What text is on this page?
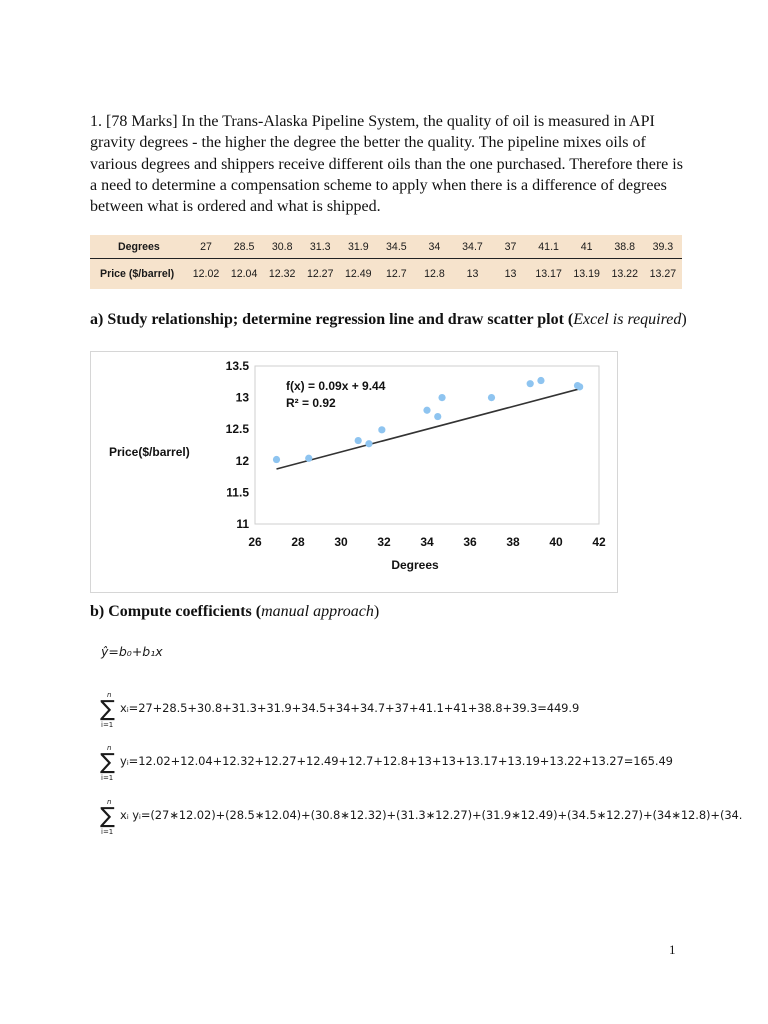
1. [78 Marks] In the Trans-Alaska Pipeline System, the quality of oil is measured in API gravity degrees - the higher the degree the better the quality. The pipeline mixes oils of various degrees and shippers receive different oils than the one purchased. Therefore there is a need to determine a compensation scheme to apply when there is a difference of degrees between what is ordered and what is shipped.

Degrees	27	28.5	30.8	31.3	31.9	34.5	34	34.7	37	41.1	41	38.8	39.3
Price ($/barrel)	12.02	12.04	12.32	12.27	12.49	12.7	12.8	13	13	13.17	13.19	13.22	13.27

a) Study relationship; determine regression line and draw scatter plot (Excel is required)

26 28 30 32 34 36 38 40 42
11
11.5
12
12.5
13
13.5
f(x) = 0.09x + 9.44
R² = 0.92
Price($/barrel)
Degrees

b) Compute coefficients (manual approach)

ŷ=b₀+b₁x
n
∑
i=1
xᵢ=27+28.5+30.8+31.3+31.9+34.5+34+34.7+37+41.1+41+38.8+39.3=449.9
n
∑
i=1
yᵢ=12.02+12.04+12.32+12.27+12.49+12.7+12.8+13+13+13.17+13.19+13.22+13.27=165.49
n
∑
i=1
xᵢ yᵢ=(27∗12.02)+(28.5∗12.04)+(30.8∗12.32)+(31.3∗12.27)+(31.9∗12.49)+(34.5∗12.27)+(34∗12.8)+(34.
1
